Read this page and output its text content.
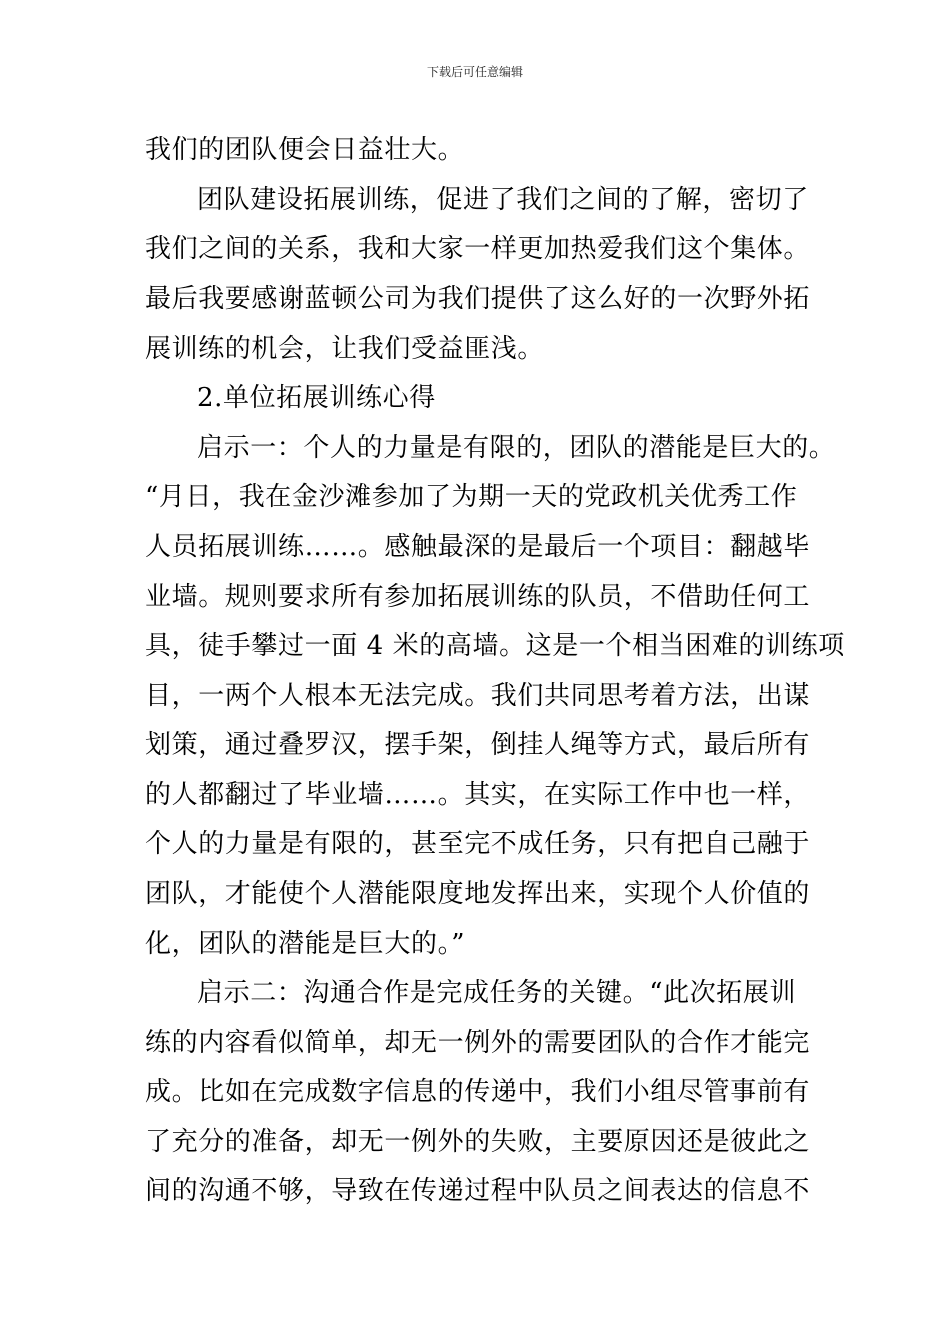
下载后可任意编辑
我们的团队便会日益壮大。
团队建设拓展训练，促进了我们之间的了解，密切了
我们之间的关系，我和大家一样更加热爱我们这个集体。
最后我要感谢蓝顿公司为我们提供了这么好的一次野外拓
展训练的机会，让我们受益匪浅。
2.单位拓展训练心得
启示一：个人的力量是有限的，团队的潜能是巨大的。
“月日，我在金沙滩参加了为期一天的党政机关优秀工作
人员拓展训练……。感触最深的是最后一个项目：翻越毕
业墙。规则要求所有参加拓展训练的队员，不借助任何工
具，徒手攀过一面 4 米的高墙。这是一个相当困难的训练项
目，一两个人根本无法完成。我们共同思考着方法，出谋
划策，通过叠罗汉，摆手架，倒挂人绳等方式，最后所有
的人都翻过了毕业墙……。其实，在实际工作中也一样，
个人的力量是有限的，甚至完不成任务，只有把自己融于
团队，才能使个人潜能限度地发挥出来，实现个人价值的
化，团队的潜能是巨大的。”
启示二：沟通合作是完成任务的关键。“此次拓展训
练的内容看似简单，却无一例外的需要团队的合作才能完
成。比如在完成数字信息的传递中，我们小组尽管事前有
了充分的准备，却无一例外的失败，主要原因还是彼此之
间的沟通不够，导致在传递过程中队员之间表达的信息不
